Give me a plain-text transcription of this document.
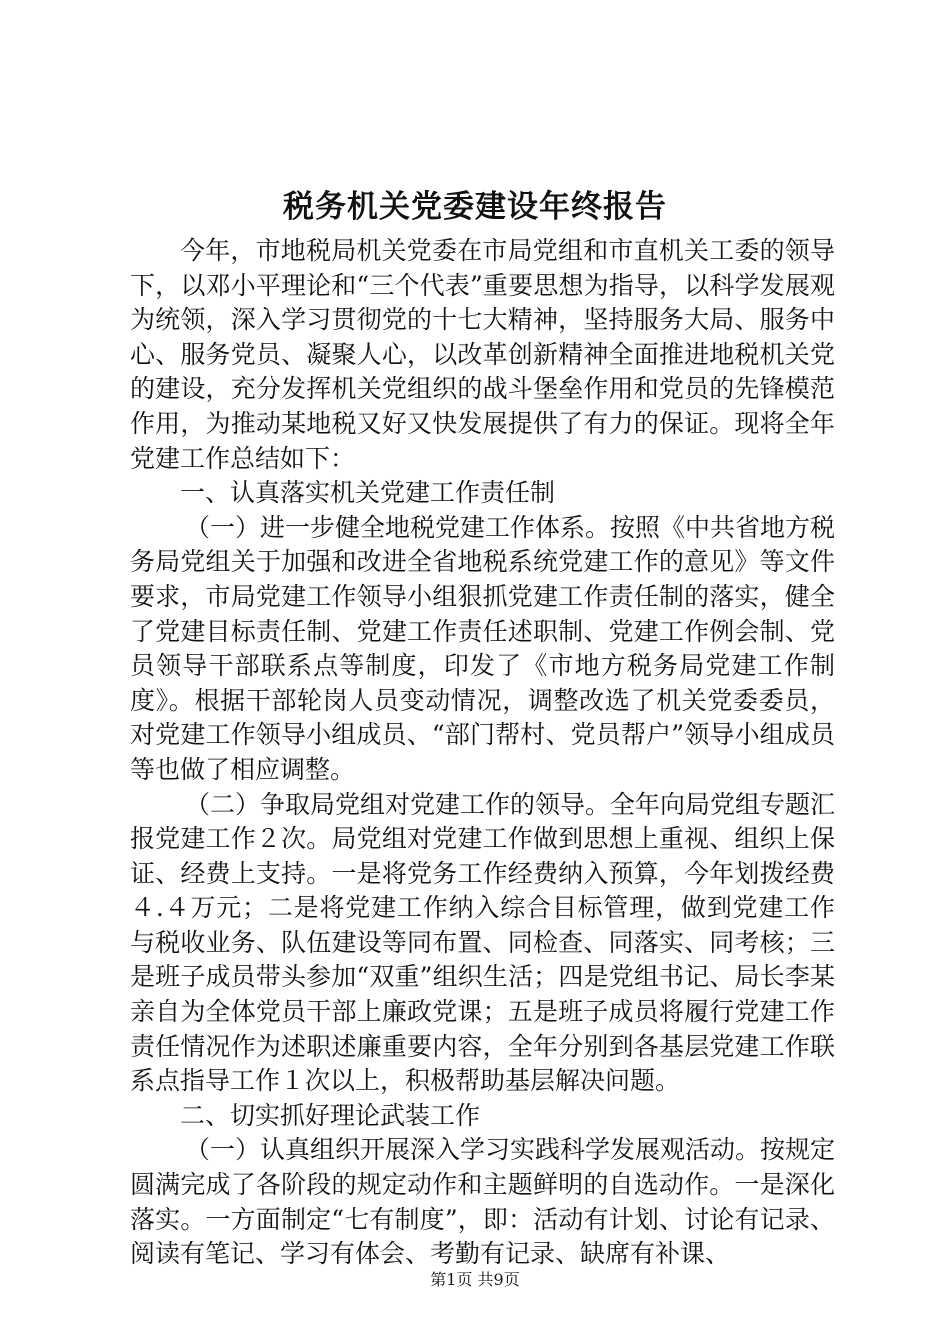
税务机关党委建设年终报告

今年，市地税局机关党委在市局党组和市直机关工委的领导下，以邓小平理论和“三个代表”重要思想为指导，以科学发展观为统领，深入学习贯彻党的十七大精神，坚持服务大局、服务中心、服务党员、凝聚人心，以改革创新精神全面推进地税机关党的建设，充分发挥机关党组织的战斗堡垒作用和党员的先锋模范作用，为推动某地税又好又快发展提供了有力的保证。现将全年党建工作总结如下：

一、认真落实机关党建工作责任制

（一）进一步健全地税党建工作体系。按照《中共省地方税务局党组关于加强和改进全省地税系统党建工作的意见》等文件要求，市局党建工作领导小组狠抓党建工作责任制的落实，健全了党建目标责任制、党建工作责任述职制、党建工作例会制、党员领导干部联系点等制度，印发了《市地方税务局党建工作制度》。根据干部轮岗人员变动情况，调整改选了机关党委委员，对党建工作领导小组成员、“部门帮村、党员帮户”领导小组成员等也做了相应调整。

（二）争取局党组对党建工作的领导。全年向局党组专题汇报党建工作２次。局党组对党建工作做到思想上重视、组织上保证、经费上支持。一是将党务工作经费纳入预算，今年划拨经费４.４万元；二是将党建工作纳入综合目标管理，做到党建工作与税收业务、队伍建设等同布置、同检查、同落实、同考核；三是班子成员带头参加“双重”组织生活；四是党组书记、局长李某亲自为全体党员干部上廉政党课；五是班子成员将履行党建工作责任情况作为述职述廉重要内容，全年分别到各基层党建工作联系点指导工作１次以上，积极帮助基层解决问题。

二、切实抓好理论武装工作

（一）认真组织开展深入学习实践科学发展观活动。按规定圆满完成了各阶段的规定动作和主题鲜明的自选动作。一是深化落实。一方面制定“七有制度”，即：活动有计划、讨论有记录、阅读有笔记、学习有体会、考勤有记录、缺席有补课、

第1页 共9页
